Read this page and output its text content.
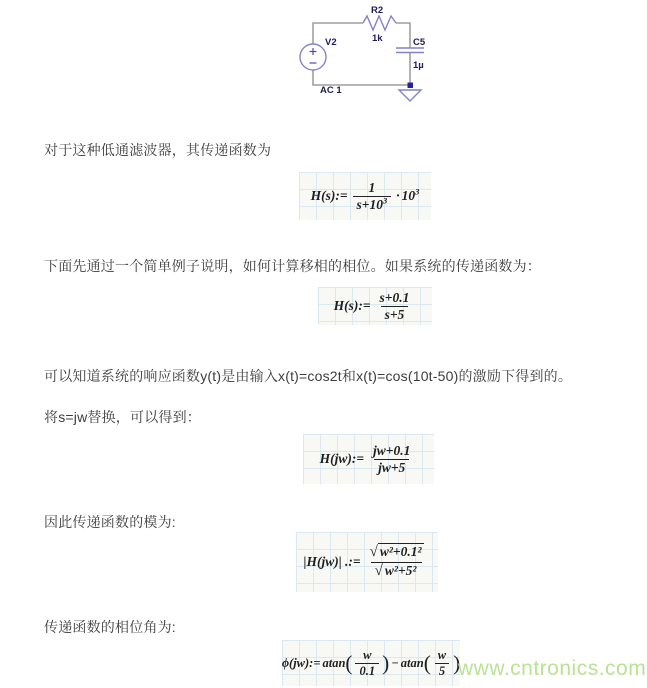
V2
R2
1k	C5
1µ
AC 1
对于这种低通滤波器，其传递函数为
下面先通过一个简单例子说明，如何计算移相的相位。如果系统的传递函数为：
可以知道系统的响应函数y(t)是由输入x(t)=cos2t和x(t)=cos(10t-50)的激励下得到的。
将s=jw替换，可以得到：
因此传递函数的模为:
传递函数的相位角为:
H(s):= $\frac{1}{s+10^3} \cdot 10^3$
H(s):= $\frac{s+0.1}{s+5}$
H(jw):= $\frac{jw+0.1}{jw+5}$
|H(jw)| .:= $\frac{\text{√ w²+0.1²}}{\text{√ w²+5²}}$
ϕ(jw):= atan ( $\frac{w}{0.1}$ ) − atan ( $\frac{w}{5}$ )
www.cntronics.com
